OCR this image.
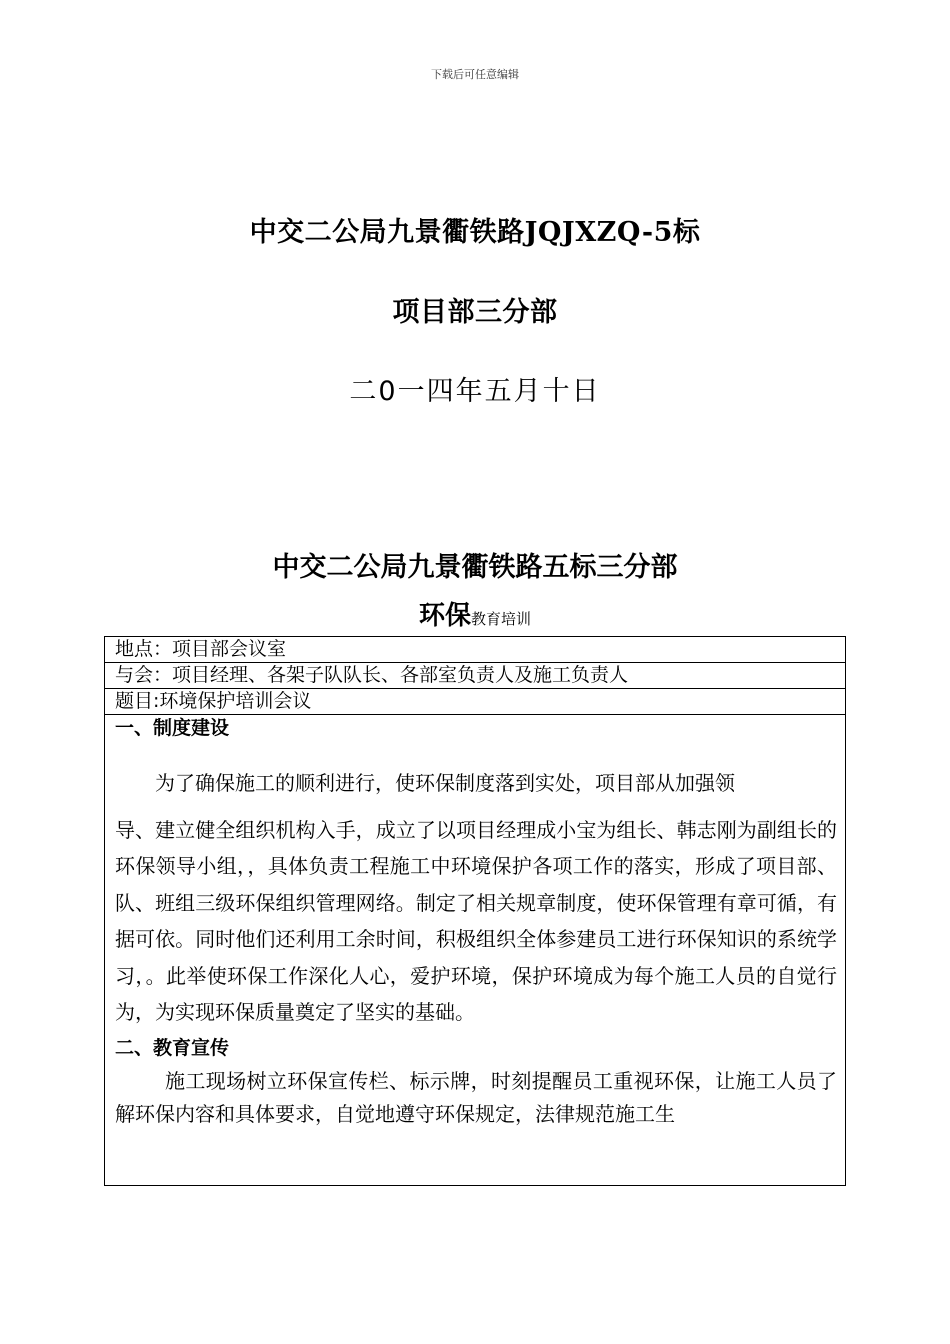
下载后可任意编辑
中交二公局九景衢铁路JQJXZQ-5标
项目部三分部
二0一四年五月十日
中交二公局九景衢铁路五标三分部
环保教育培训
地点：项目部会议室
与会：项目经理、各架子队队长、各部室负责人及施工负责人
题目:环境保护培训会议

一、制度建设

为了确保施工的顺利进行，使环保制度落到实处，项目部从加强领
导、建立健全组织机构入手，成立了以项目经理成小宝为组长、韩志刚为副组长的环保领导小组，，具体负责工程施工中环境保护各项工作的落实，形成了项目部、队、班组三级环保组织管理网络。制定了相关规章制度，使环保管理有章可循，有据可依。同时他们还利用工余时间，积极组织全体参建员工进行环保知识的系统学习，。此举使环保工作深化人心，爱护环境，保护环境成为每个施工人员的自觉行为，为实现环保质量奠定了坚实的基础。

二、教育宣传

施工现场树立环保宣传栏、标示牌，时刻提醒员工重视环保，让施工人员了解环保内容和具体要求，自觉地遵守环保规定，法律规范施工生
